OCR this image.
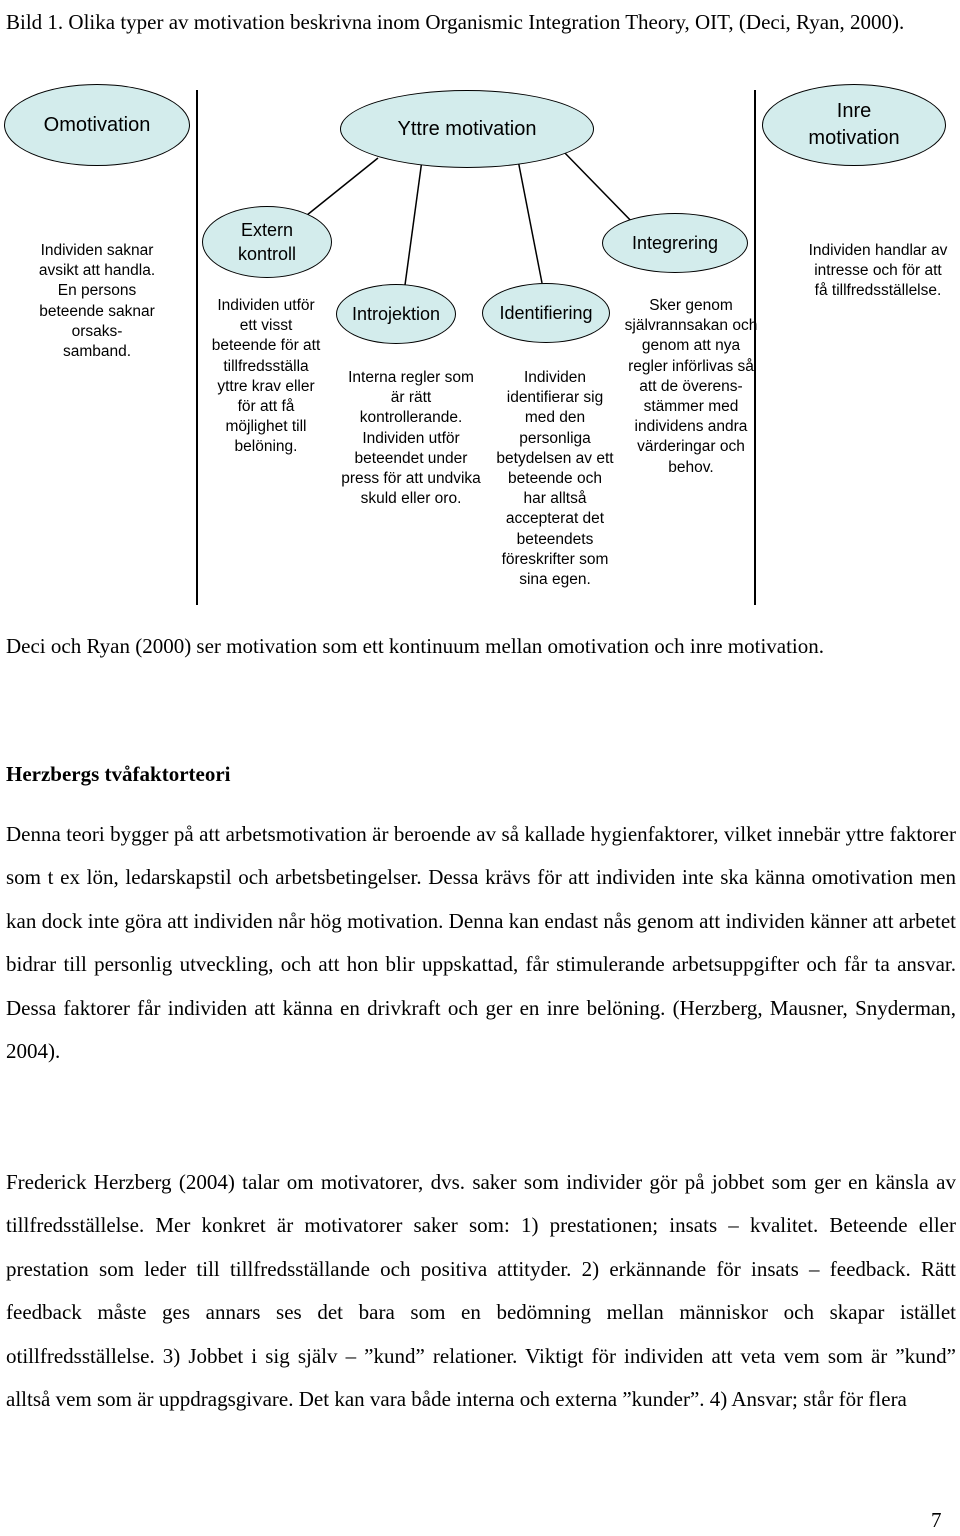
Bild 1. Olika typer av motivation beskrivna inom Organismic Integration Theory, OIT, (Deci, Ryan, 2000).
Omotivation	Yttre motivation
Inre motivation
Extern kontroll
Introjektion	Identifiering
Integrering
Individen saknar avsikt att handla. En persons beteende saknar orsaks-samband.
Individen utför ett visst beteende för att tillfredsställa yttre krav eller för att få möjlighet till belöning.
Interna regler som är rätt kontrollerande. Individen utför beteendet under press för att undvika skuld eller oro.
Individen identifierar sig med den personliga betydelsen av ett beteende och har alltså accepterat det beteendets föreskrifter som sina egen.
Sker genom självrannsakan och genom att nya regler införlivas så att de överens-stämmer med individens andra värderingar och behov.
Individen handlar av intresse och för att få tillfredsställelse.
Deci och Ryan (2000) ser motivation som ett kontinuum mellan omotivation och inre motivation.
Herzbergs tvåfaktorteori
Denna teori bygger på att arbetsmotivation är beroende av så kallade hygienfaktorer, vilket innebär yttre faktorer som t ex lön, ledarskapstil och arbetsbetingelser. Dessa krävs för att individen inte ska känna omotivation men kan dock inte göra att individen når hög motivation. Denna kan endast nås genom att individen känner att arbetet bidrar till personlig utveckling, och att hon blir uppskattad, får stimulerande arbetsuppgifter och får ta ansvar. Dessa faktorer får individen att känna en drivkraft och ger en inre belöning. (Herzberg, Mausner, Snyderman, 2004).
Frederick Herzberg (2004) talar om motivatorer, dvs. saker som individer gör på jobbet som ger en känsla av tillfredsställelse. Mer konkret är motivatorer saker som: 1) prestationen; insats – kvalitet. Beteende eller prestation som leder till tillfredsställande och positiva attityder. 2) erkännande för insats – feedback. Rätt feedback måste ges annars ses det bara som en bedömning mellan människor och skapar istället otillfredsställelse. 3) Jobbet i sig själv – ”kund” relationer. Viktigt för individen att veta vem som är ”kund” alltså vem som är uppdragsgivare. Det kan vara både interna och externa ”kunder”. 4) Ansvar; står för flera
7
